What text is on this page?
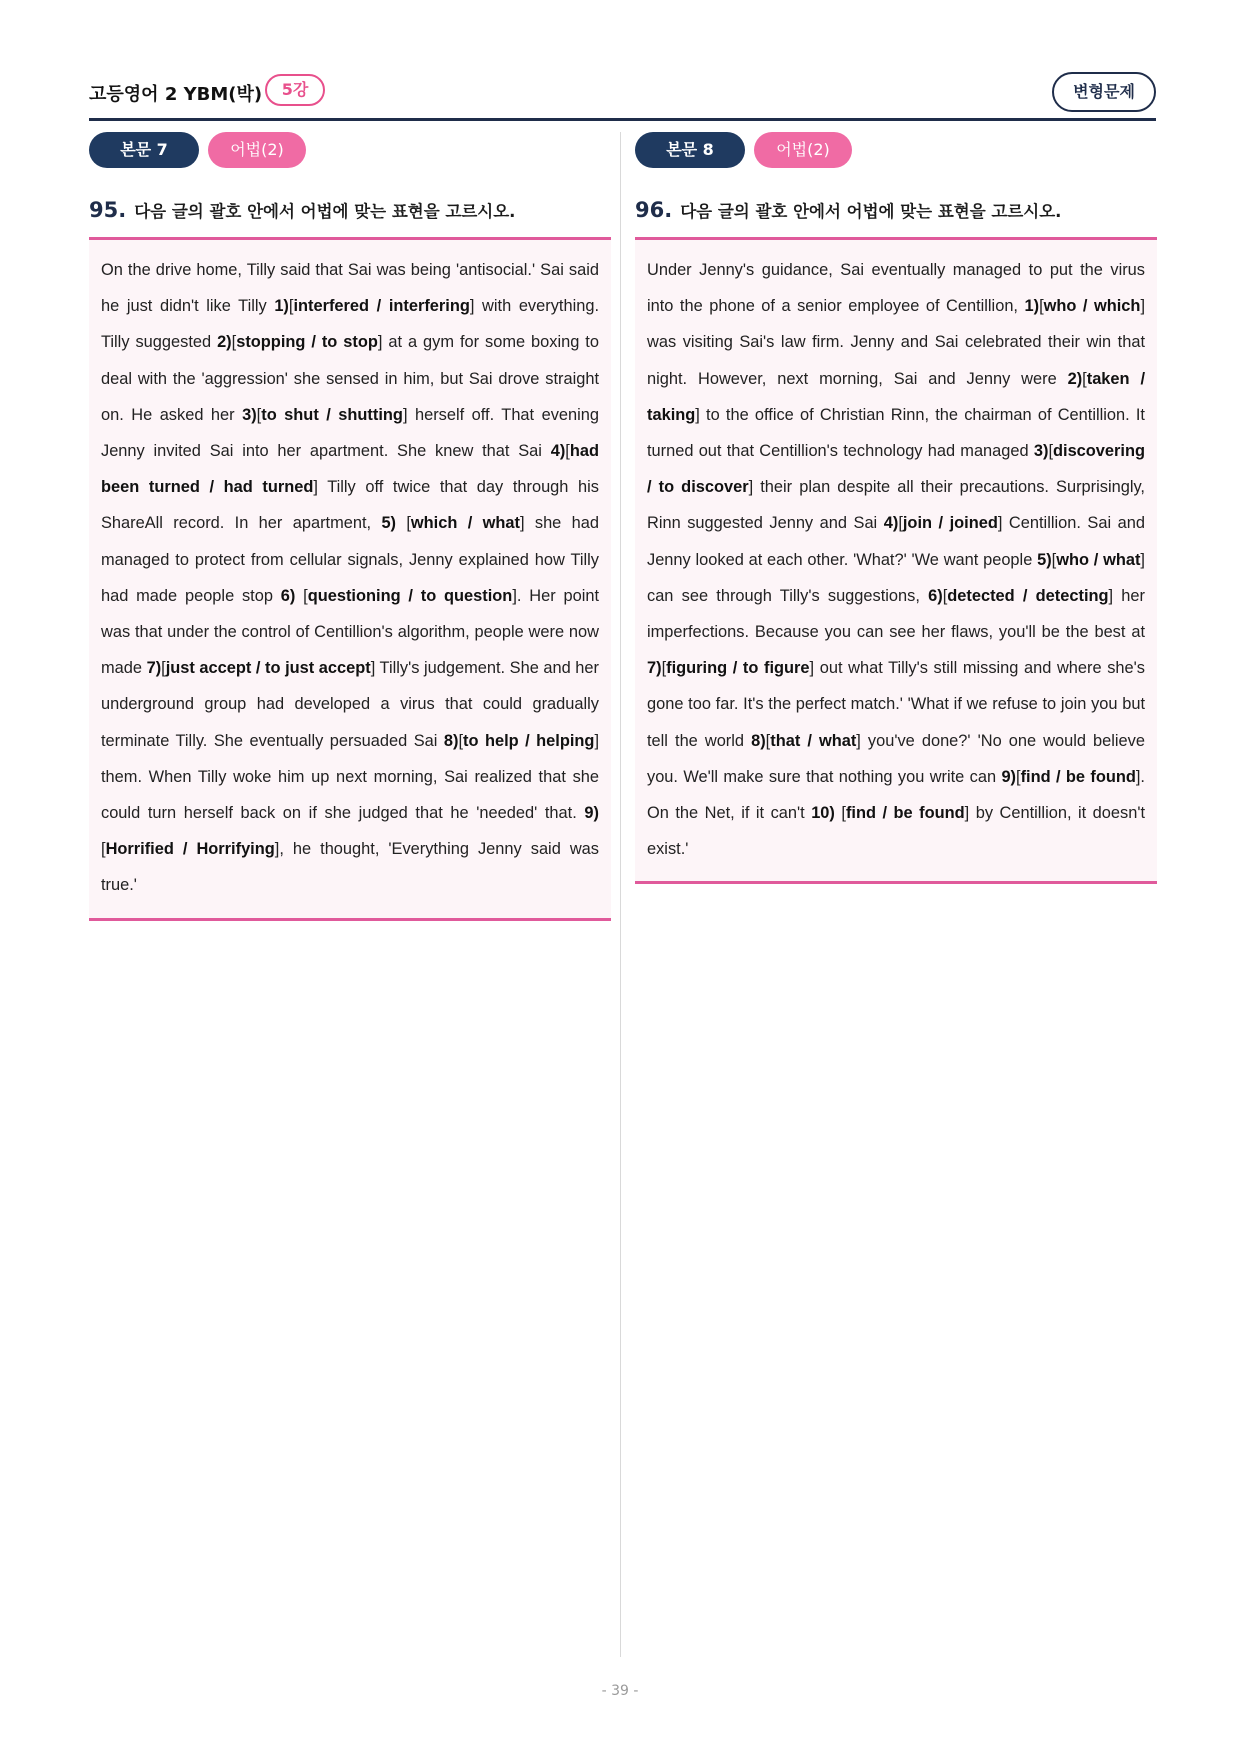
고등영어 2 YBM(박)	5강	변형문제
본문 7	어법(2)
95. 다음 글의 괄호 안에서 어법에 맞는 표현을 고르시오.

On the drive home, Tilly said that Sai was being 'antisocial.' Sai said he just didn't like Tilly 1)[interfered / interfering] with everything. Tilly suggested 2)[stopping / to stop] at a gym for some boxing to deal with the 'aggression' she sensed in him, but Sai drove straight on. He asked her 3)[to shut / shutting] herself off. That evening Jenny invited Sai into her apartment. She knew that Sai 4)[had been turned / had turned] Tilly off twice that day through his ShareAll record. In her apartment, 5) [which / what] she had managed to protect from cellular signals, Jenny explained how Tilly had made people stop 6) [questioning / to question]. Her point was that under the control of Centillion's algorithm, people were now made 7)[just accept / to just accept] Tilly's judgement. She and her underground group had developed a virus that could gradually terminate Tilly. She eventually persuaded Sai 8)[to help / helping] them. When Tilly woke him up next morning, Sai realized that she could turn herself back on if she judged that he 'needed' that. 9)[Horrified / Horrifying], he thought, 'Everything Jenny said was true.'

본문 8	어법(2)
96. 다음 글의 괄호 안에서 어법에 맞는 표현을 고르시오.

Under Jenny's guidance, Sai eventually managed to put the virus into the phone of a senior employee of Centillion, 1)[who / which] was visiting Sai's law firm. Jenny and Sai celebrated their win that night. However, next morning, Sai and Jenny were 2)[taken / taking] to the office of Christian Rinn, the chairman of Centillion. It turned out that Centillion's technology had managed 3)[discovering / to discover] their plan despite all their precautions. Surprisingly, Rinn suggested Jenny and Sai 4)[join / joined] Centillion. Sai and Jenny looked at each other. 'What?' 'We want people 5)[who / what] can see through Tilly's suggestions, 6)[detected / detecting] her imperfections. Because you can see her flaws, you'll be the best at 7)[figuring / to figure] out what Tilly's still missing and where she's gone too far. It's the perfect match.' 'What if we refuse to join you but tell the world 8)[that / what] you've done?' 'No one would believe you. We'll make sure that nothing you write can 9)[find / be found]. On the Net, if it can't 10) [find / be found] by Centillion, it doesn't exist.'

- 39 -
